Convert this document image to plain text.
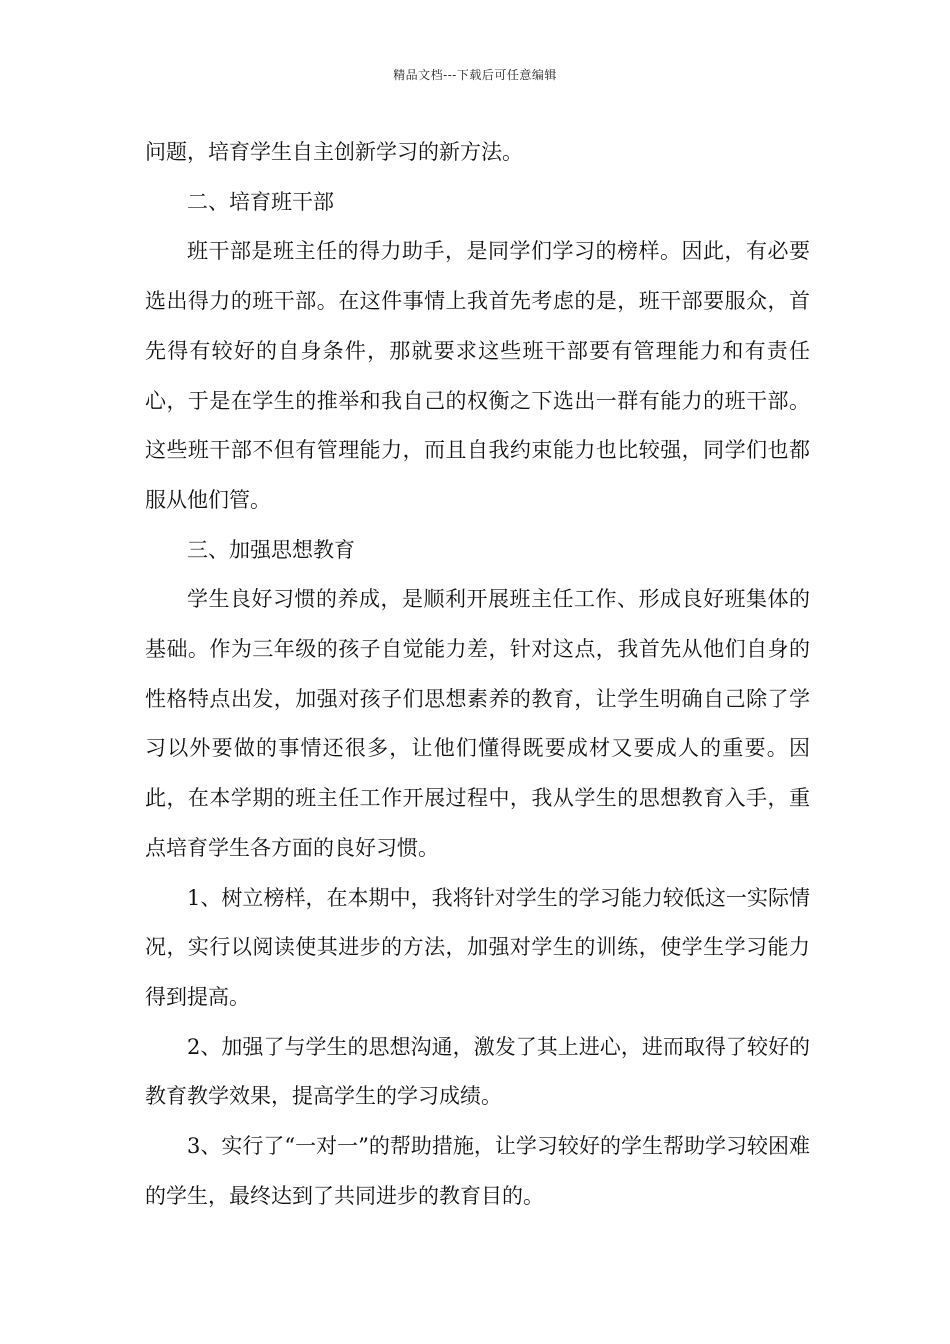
精品文档---下载后可任意编辑

问题，培育学生自主创新学习的新方法。

二、培育班干部

班干部是班主任的得力助手，是同学们学习的榜样。因此，有必要选出得力的班干部。在这件事情上我首先考虑的是，班干部要服众，首先得有较好的自身条件，那就要求这些班干部要有管理能力和有责任心，于是在学生的推举和我自己的权衡之下选出一群有能力的班干部。这些班干部不但有管理能力，而且自我约束能力也比较强，同学们也都服从他们管。

三、加强思想教育

学生良好习惯的养成，是顺利开展班主任工作、形成良好班集体的基础。作为三年级的孩子自觉能力差，针对这点，我首先从他们自身的性格特点出发，加强对孩子们思想素养的教育，让学生明确自己除了学习以外要做的事情还很多，让他们懂得既要成材又要成人的重要。因此，在本学期的班主任工作开展过程中，我从学生的思想教育入手，重点培育学生各方面的良好习惯。

1、树立榜样，在本期中，我将针对学生的学习能力较低这一实际情况，实行以阅读使其进步的方法，加强对学生的训练，使学生学习能力得到提高。

2、加强了与学生的思想沟通，激发了其上进心，进而取得了较好的教育教学效果，提高学生的学习成绩。

3、实行了“一对一”的帮助措施，让学习较好的学生帮助学习较困难的学生，最终达到了共同进步的教育目的。
